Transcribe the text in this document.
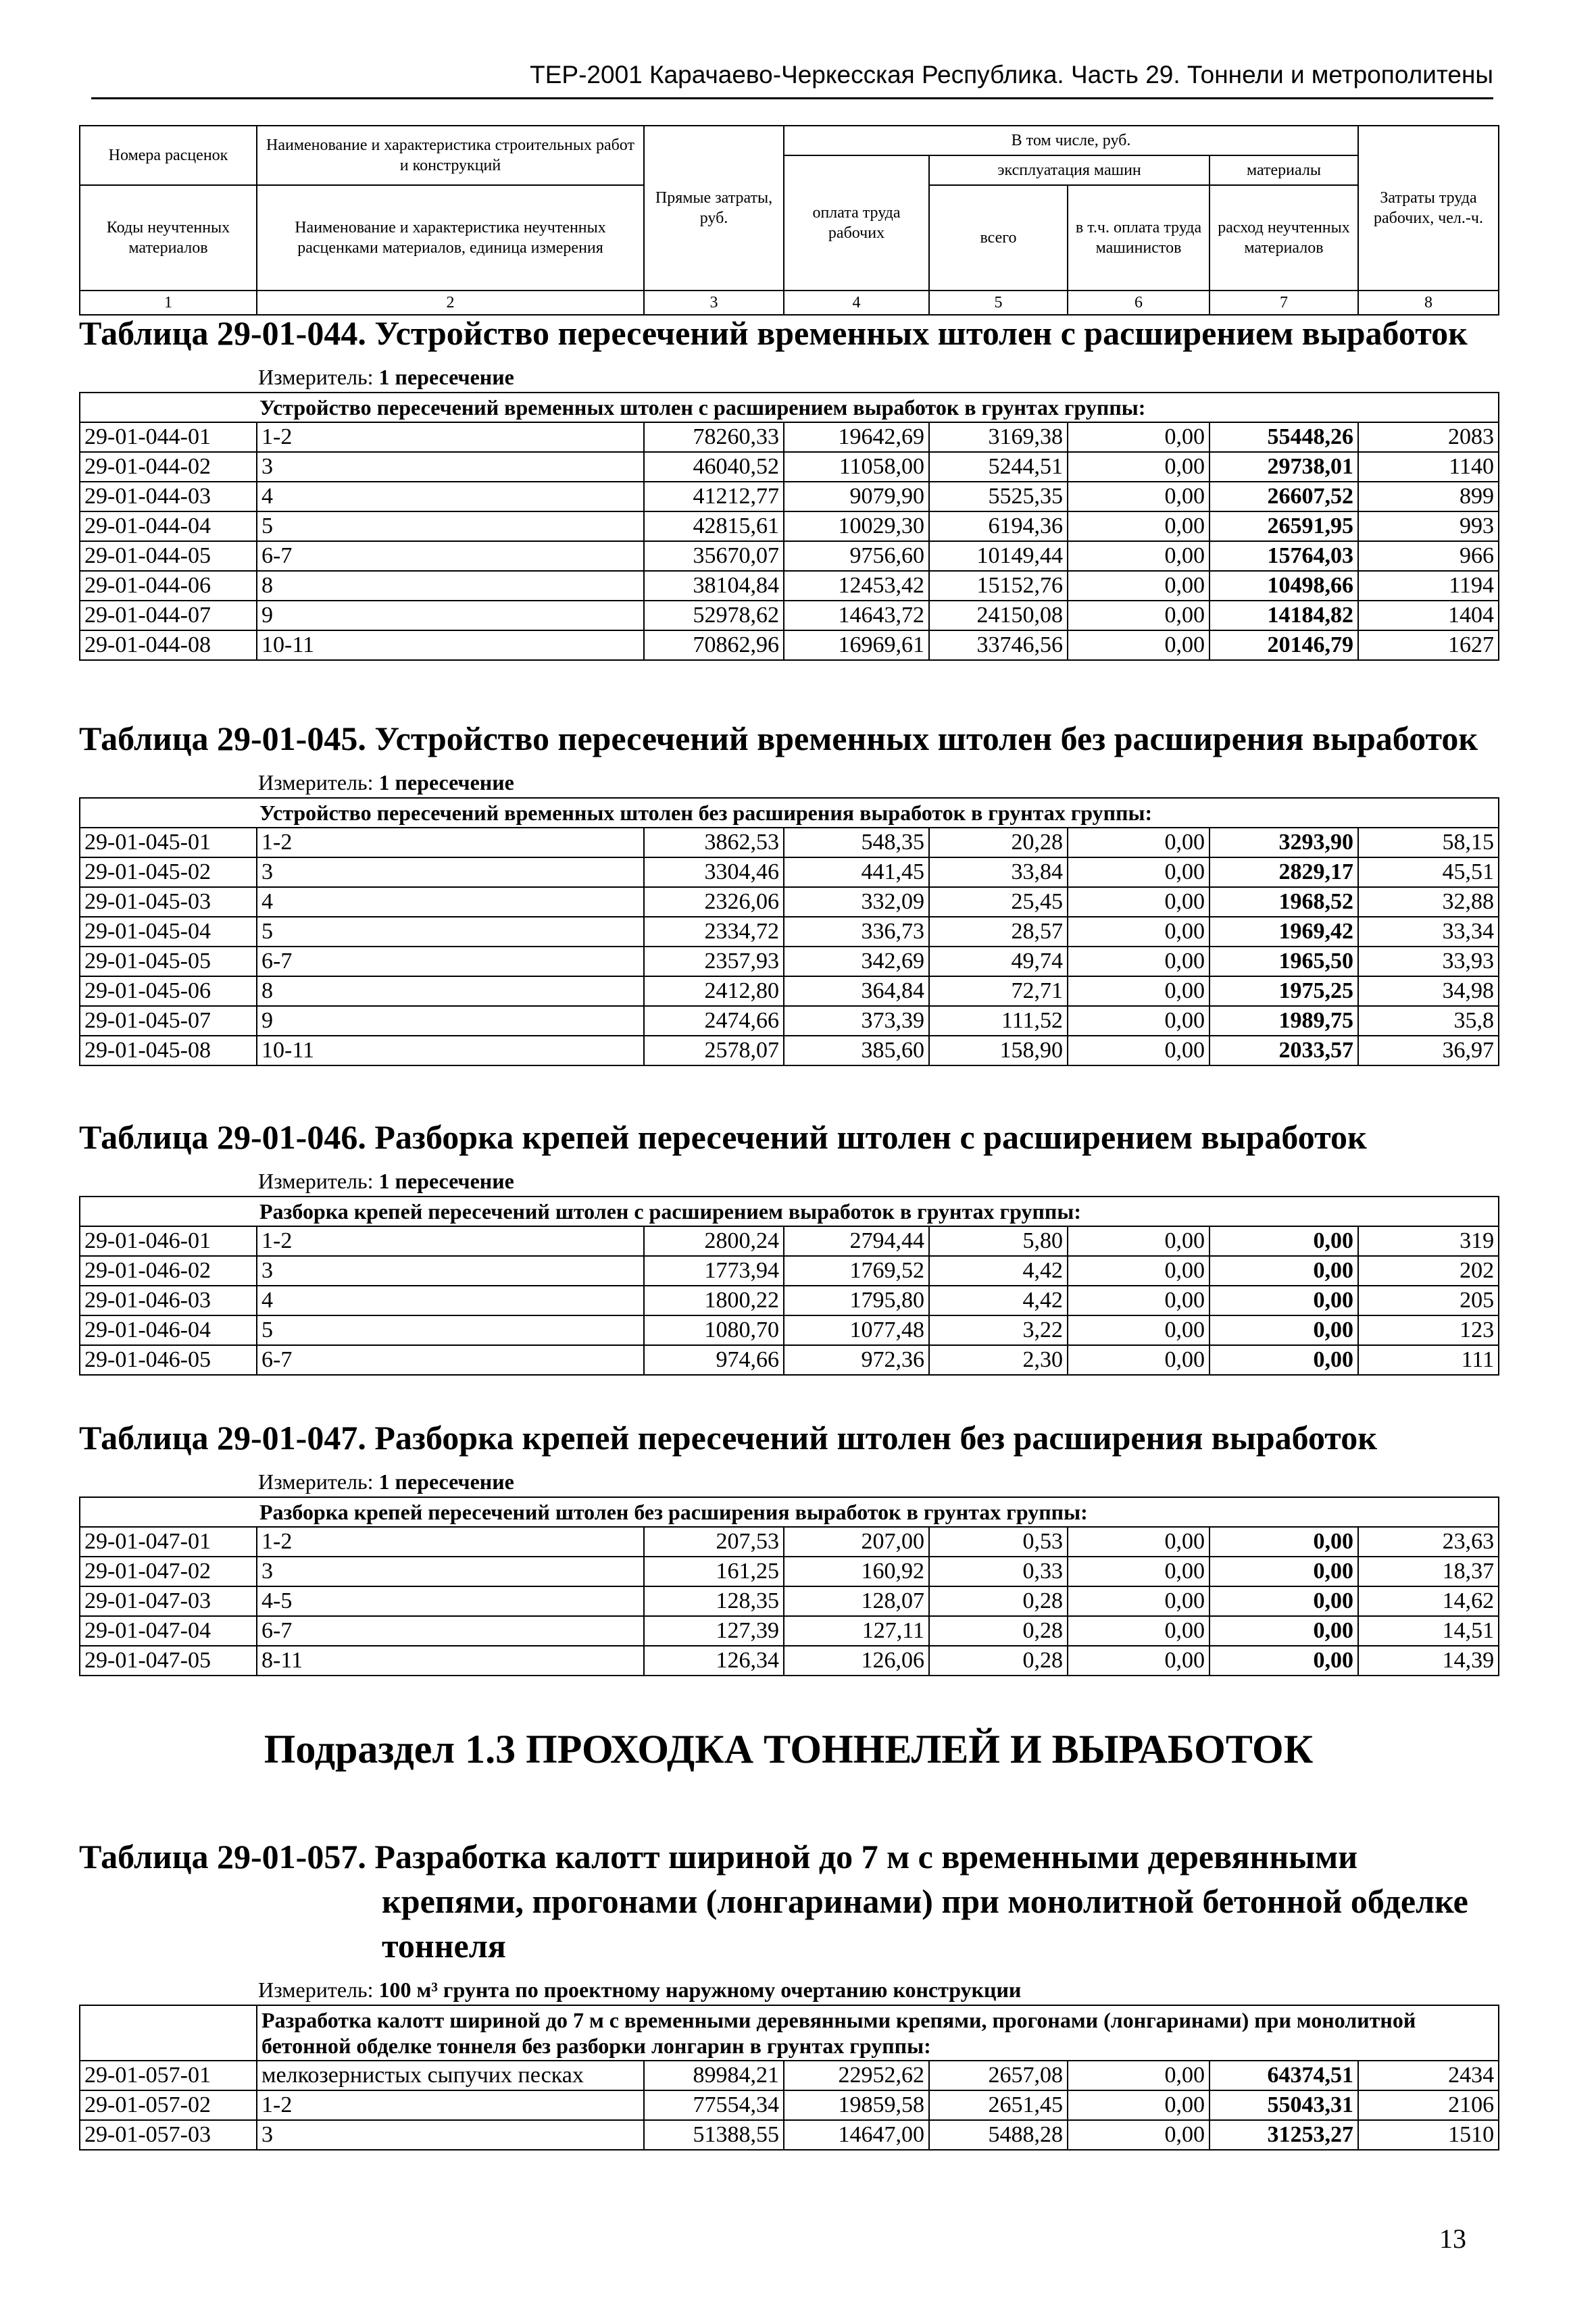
ТЕР-2001 Карачаево-Черкесская Республика. Часть 29. Тоннели и метрополитены
Номера расценок	Наименование и характеристика строительных работ и конструкций	Прямые затраты, руб.	В том числе, руб.				Затраты труда рабочих, чел.-ч.
			оплата труда рабочих	эксплуатация машин		материалы	
Коды неучтенных материалов	Наименование и характеристика неучтенных расценками материалов, единица измерения			всего	в т.ч. оплата труда машинистов	расход неучтенных материалов	

1	2	3	4	5	6	7	8
Таблица 29-01-044. Устройство пересечений временных штолен с расширением выработок
Измеритель: 1 пересечение
Устройство пересечений временных штолен с расширением выработок в грунтах группы:							
29-01-044-01	1-2	78260,33	19642,69	3169,38	0,00	55448,26	2083
29-01-044-02	3	46040,52	11058,00	5244,51	0,00	29738,01	1140
29-01-044-03	4	41212,77	9079,90	5525,35	0,00	26607,52	899
29-01-044-04	5	42815,61	10029,30	6194,36	0,00	26591,95	993
29-01-044-05	6-7	35670,07	9756,60	10149,44	0,00	15764,03	966
29-01-044-06	8	38104,84	12453,42	15152,76	0,00	10498,66	1194
29-01-044-07	9	52978,62	14643,72	24150,08	0,00	14184,82	1404
29-01-044-08	10-11	70862,96	16969,61	33746,56	0,00	20146,79	1627
Таблица 29-01-045. Устройство пересечений временных штолен без расширения выработок
Измеритель: 1 пересечение
Устройство пересечений временных штолен без расширения выработок в грунтах группы:							
29-01-045-01	1-2	3862,53	548,35	20,28	0,00	3293,90	58,15
29-01-045-02	3	3304,46	441,45	33,84	0,00	2829,17	45,51
29-01-045-03	4	2326,06	332,09	25,45	0,00	1968,52	32,88
29-01-045-04	5	2334,72	336,73	28,57	0,00	1969,42	33,34
29-01-045-05	6-7	2357,93	342,69	49,74	0,00	1965,50	33,93
29-01-045-06	8	2412,80	364,84	72,71	0,00	1975,25	34,98
29-01-045-07	9	2474,66	373,39	111,52	0,00	1989,75	35,8
29-01-045-08	10-11	2578,07	385,60	158,90	0,00	2033,57	36,97
Таблица 29-01-046. Разборка крепей пересечений штолен с расширением выработок
Измеритель: 1 пересечение
Разборка крепей пересечений штолен с расширением выработок в грунтах группы:							
29-01-046-01	1-2	2800,24	2794,44	5,80	0,00	0,00	319
29-01-046-02	3	1773,94	1769,52	4,42	0,00	0,00	202
29-01-046-03	4	1800,22	1795,80	4,42	0,00	0,00	205
29-01-046-04	5	1080,70	1077,48	3,22	0,00	0,00	123
29-01-046-05	6-7	974,66	972,36	2,30	0,00	0,00	111
Таблица 29-01-047. Разборка крепей пересечений штолен без расширения выработок
Измеритель: 1 пересечение
Разборка крепей пересечений штолен без расширения выработок в грунтах группы:							
29-01-047-01	1-2	207,53	207,00	0,53	0,00	0,00	23,63
29-01-047-02	3	161,25	160,92	0,33	0,00	0,00	18,37
29-01-047-03	4-5	128,35	128,07	0,28	0,00	0,00	14,62
29-01-047-04	6-7	127,39	127,11	0,28	0,00	0,00	14,51
29-01-047-05	8-11	126,34	126,06	0,28	0,00	0,00	14,39
Подраздел 1.3 ПРОХОДКА ТОННЕЛЕЙ И ВЫРАБОТОК
Таблица 29-01-057. Разработка калотт шириной до 7 м с временными деревянными крепями, прогонами (лонгаринами) при монолитной бетонной обделке тоннеля
Измеритель: 100 м³ грунта по проектному наружному очертанию конструкции
	Разработка калотт шириной до 7 м с временными деревянными крепями, прогонами (лонгаринами) при монолитной бетонной обделке тоннеля без разборки лонгарин в грунтах группы:						
29-01-057-01	мелкозернистых сыпучих песках	89984,21	22952,62	2657,08	0,00	64374,51	2434
29-01-057-02	1-2	77554,34	19859,58	2651,45	0,00	55043,31	2106
29-01-057-03	3	51388,55	14647,00	5488,28	0,00	31253,27	1510
13
